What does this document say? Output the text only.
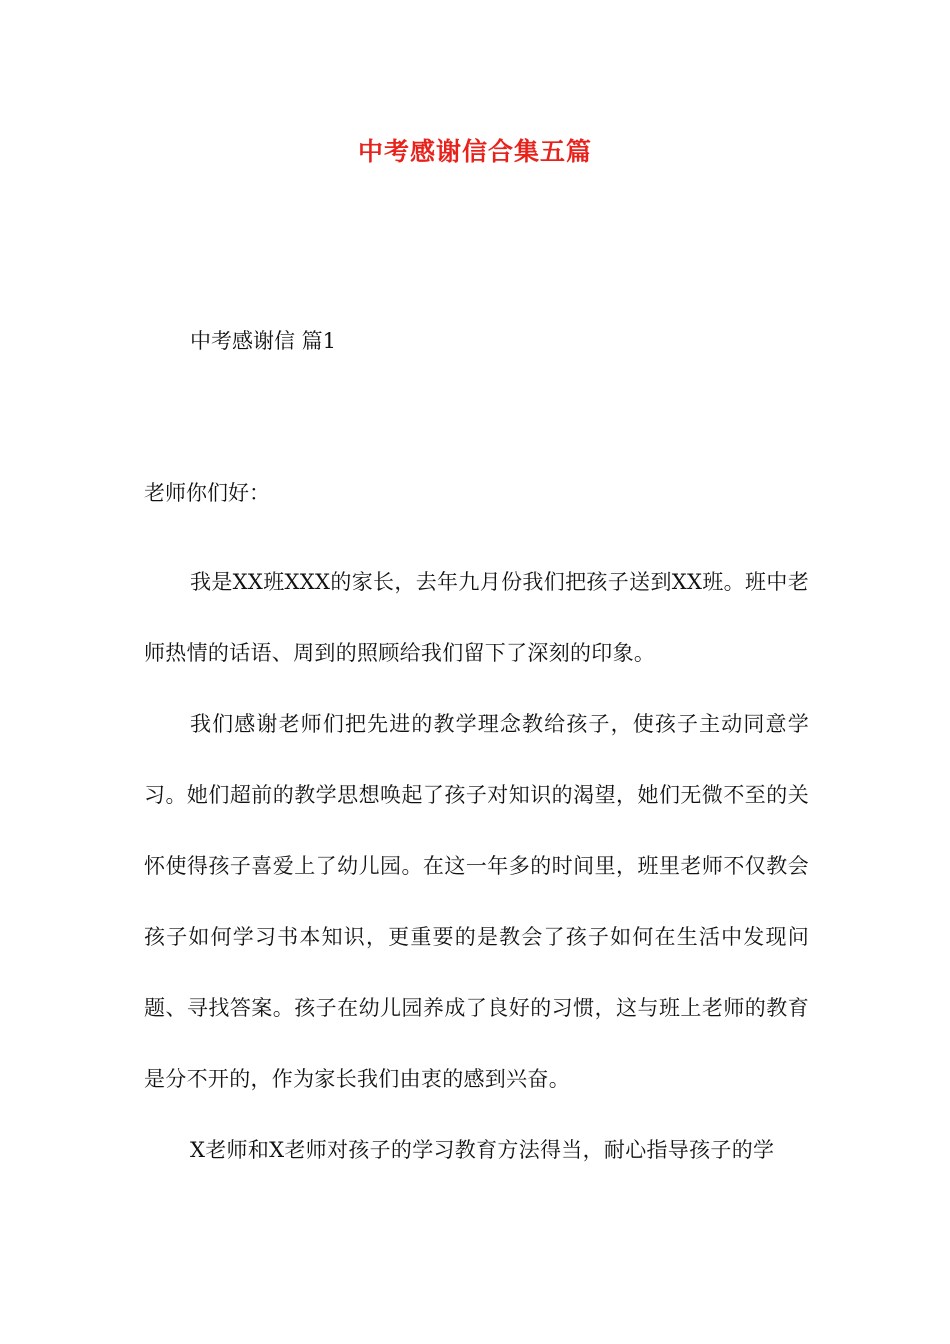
中考感谢信合集五篇
中考感谢信 篇1
老师你们好：

我是XX班XXX的家长，去年九月份我们把孩子送到XX班。班中老师热情的话语、周到的照顾给我们留下了深刻的印象。

我们感谢老师们把先进的教学理念教给孩子，使孩子主动同意学习。她们超前的教学思想唤起了孩子对知识的渴望，她们无微不至的关怀使得孩子喜爱上了幼儿园。在这一年多的时间里，班里老师不仅教会孩子如何学习书本知识，更重要的是教会了孩子如何在生活中发现问题、寻找答案。孩子在幼儿园养成了良好的习惯，这与班上老师的教育是分不开的，作为家长我们由衷的感到兴奋。

X老师和X老师对孩子的学习教育方法得当，耐心指导孩子的学
